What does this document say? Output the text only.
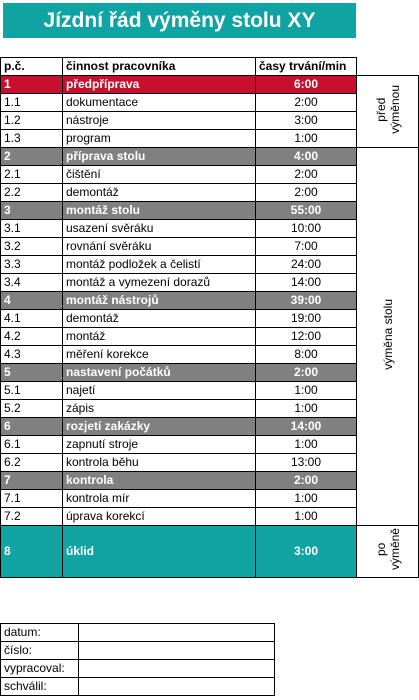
Jízdní řád výměny stolu XY
p.č.	činnost pracovníka	časy trvání/min	
1	předpříprava	6:00	před
výměnou
1.1	dokumentace	2:00	
1.2	nástroje	3:00	
1.3	program	1:00	
2	příprava stolu	4:00	výměna stolu
2.1	čištění	2:00	
2.2	demontáž	2:00	
3	montáž stolu	55:00	
3.1	usazení svěráku	10:00	
3.2	rovnání svěráku	7:00	
3.3	montáž podložek a čelistí	24:00	
3.4	montáž a vymezení dorazů	14:00	
4	montáž nástrojů	39:00	
4.1	demontáž	19:00	
4.2	montáž	12:00	
4.3	měření korekce	8:00	
5	nastavení počátků	2:00	
5.1	najetí	1:00	
5.2	zápis	1:00	
6	rozjetí zakázky	14:00	
6.1	zapnutí stroje	1:00	
6.2	kontrola běhu	13:00	
7	kontrola	2:00	
7.1	kontrola mír	1:00	
7.2	úprava korekcí	1:00	
8	úklid	3:00	po
výměně
datum:	
číslo:	
vypracoval:	
schválil:	
